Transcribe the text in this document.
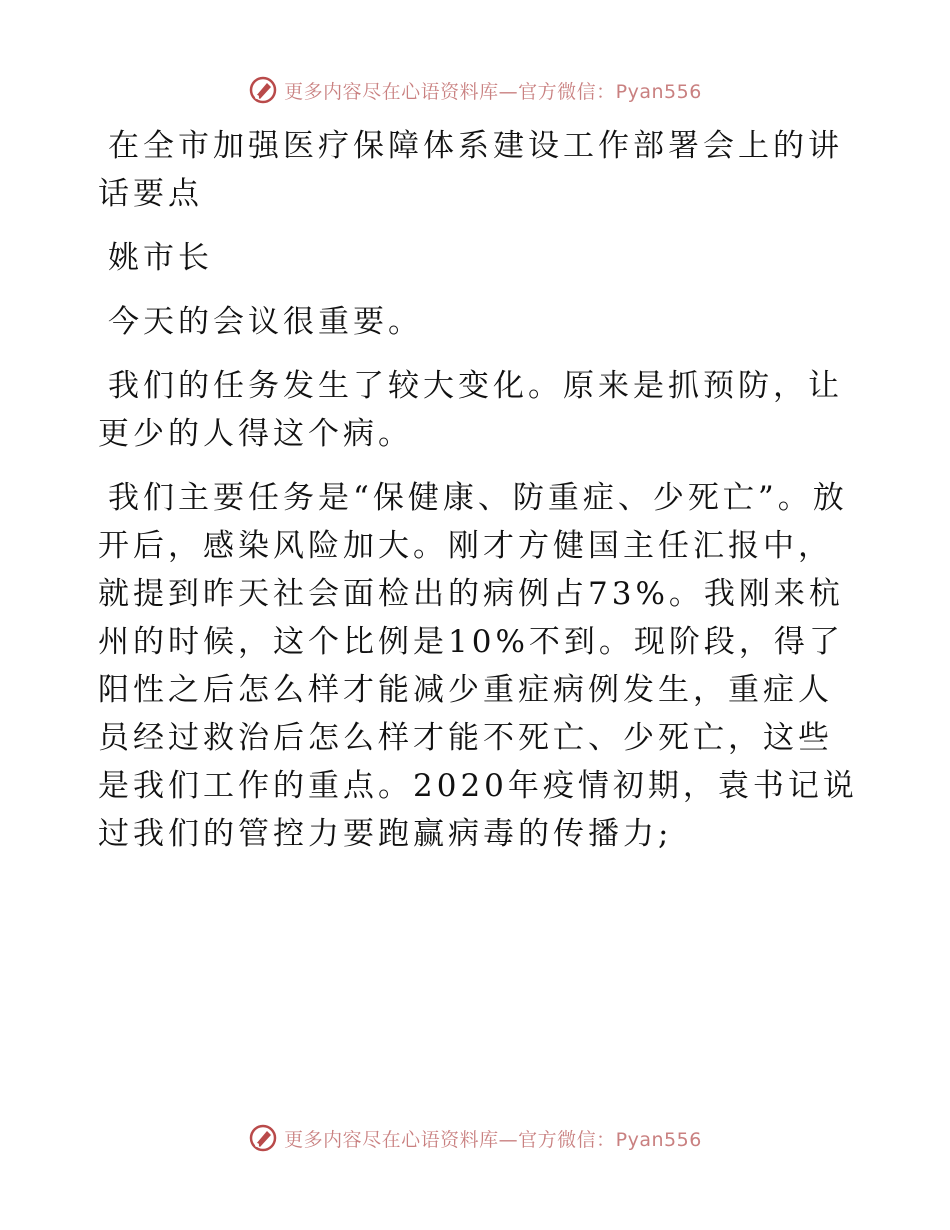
更多内容尽在心语资料库—官方微信：Pyan556

在全市加强医疗保障体系建设工作部署会上的讲话要点

姚市长

今天的会议很重要。

我们的任务发生了较大变化。原来是抓预防，让更少的人得这个病。

我们主要任务是“保健康、防重症、少死亡”。放开后，感染风险加大。刚才方健国主任汇报中，就提到昨天社会面检出的病例占73%。我刚来杭州的时候，这个比例是10%不到。现阶段，得了阳性之后怎么样才能减少重症病例发生，重症人员经过救治后怎么样才能不死亡、少死亡，这些是我们工作的重点。2020年疫情初期，袁书记说过我们的管控力要跑赢病毒的传播力;

更多内容尽在心语资料库—官方微信：Pyan556
